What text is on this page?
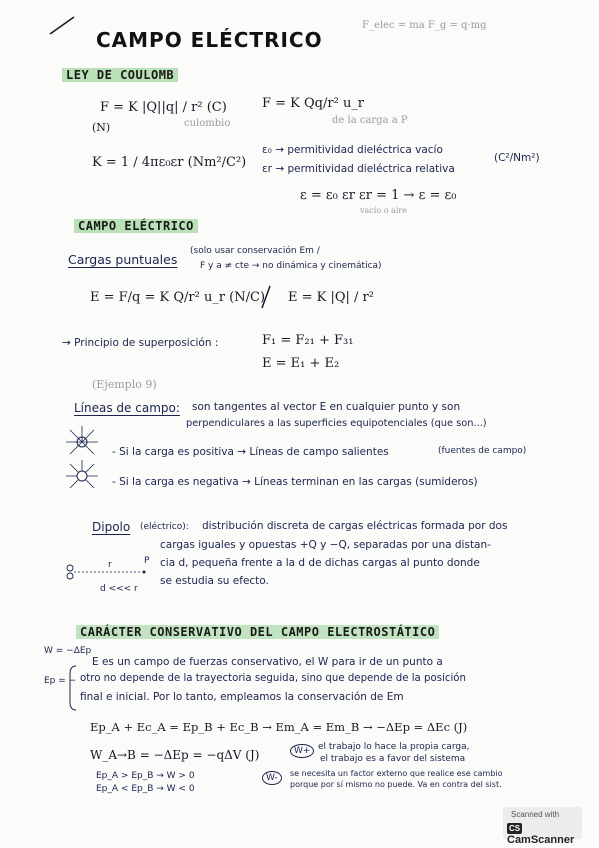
CAMPO ELÉCTRICO
F_elec = ma F_g = q·mg
LEY DE COULOMB
F = K |Q||q| / r² (C)
(N)	culombio
F = K Qq/r² u_r
de la carga a P
K = 1 / 4πε₀εr (Nm²/C²)
ε₀ → permitividad dieléctrica vacío
εr → permitividad dieléctrica relativa
(C²/Nm²)
ε = ε₀ εr εr = 1 → ε = ε₀
vacío o aire
CAMPO ELÉCTRICO
Cargas puntuales
(solo usar conservación Em /
F y a ≠ cte → no dinámica y cinemática)
E = F/q = K Q/r² u_r (N/C) E = K |Q| / r²
→ Principio de superposición :	F₁ = F₂₁ + F₃₁
E = E₁ + E₂
(Ejemplo 9)
Líneas de campo: son tangentes al vector E en cualquier punto y son
perpendiculares a las superficies equipotenciales (que son...)
- Si la carga es positiva → Líneas de campo salientes	(fuentes de campo)
- Si la carga es negativa → Líneas terminan en las cargas (sumideros)
Dipolo (eléctrico): distribución discreta de cargas eléctricas formada por dos
cargas iguales y opuestas +Q y −Q, separadas por una distan-
cia d, pequeña frente a la d de dichas cargas al punto donde
se estudia su efecto.
r	P
d <<< r
CARÁCTER CONSERVATIVO DEL CAMPO ELECTROSTÁTICO
W = −ΔEp
Ep = −
E es un campo de fuerzas conservativo, el W para ir de un punto a
otro no depende de la trayectoria seguida, sino que depende de la posición
final e inicial. Por lo tanto, empleamos la conservación de Em
Ep_A + Ec_A = Ep_B + Ec_B → Em_A = Em_B → −ΔEp = ΔEc (J)
W_A→B = −ΔEp = −qΔV (J)	W+ el trabajo lo hace la propia carga,
el trabajo es a favor del sistema
Ep_A > Ep_B → W > 0
Ep_A < Ep_B → W < 0
W-	se necesita un factor externo que realice ese cambio
porque por sí mismo no puede. Va en contra del sist.
Scanned with
CSCamScanner
